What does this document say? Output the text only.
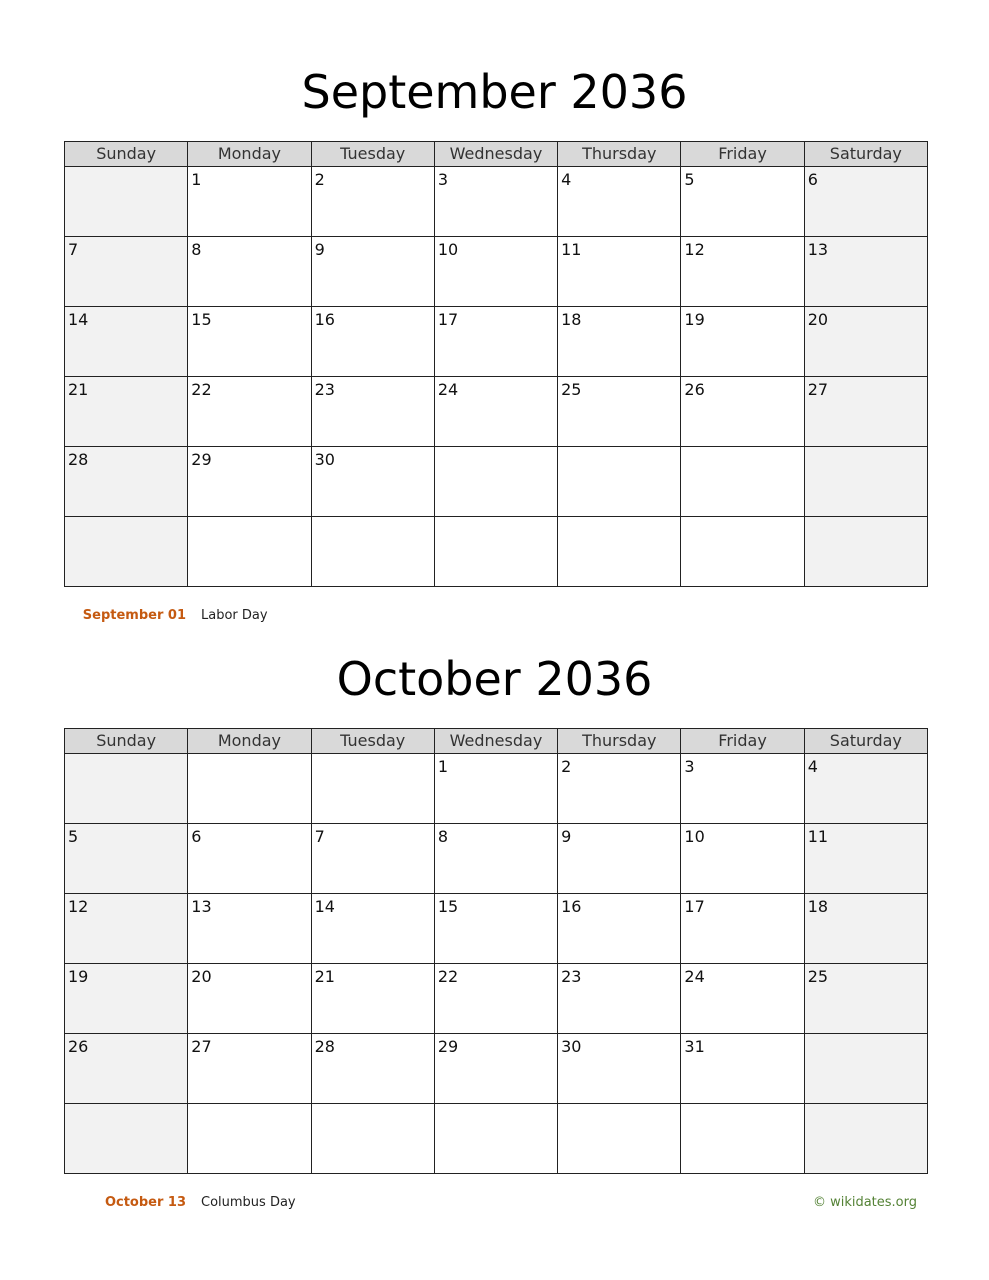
September 2036
Sunday	Monday	Tuesday	Wednesday	Thursday	Friday	Saturday

	1	2	3	4	5	6

7	8	9	10	11	12	13

14	15	16	17	18	19	20

21	22	23	24	25	26	27

28	29	30				

September 01 Labor Day
October 2036
Sunday	Monday	Tuesday	Wednesday	Thursday	Friday	Saturday

			1	2	3	4

5	6	7	8	9	10	11

12	13	14	15	16	17	18

19	20	21	22	23	24	25

26	27	28	29	30	31	

October 13 Columbus Day	© wikidates.org
